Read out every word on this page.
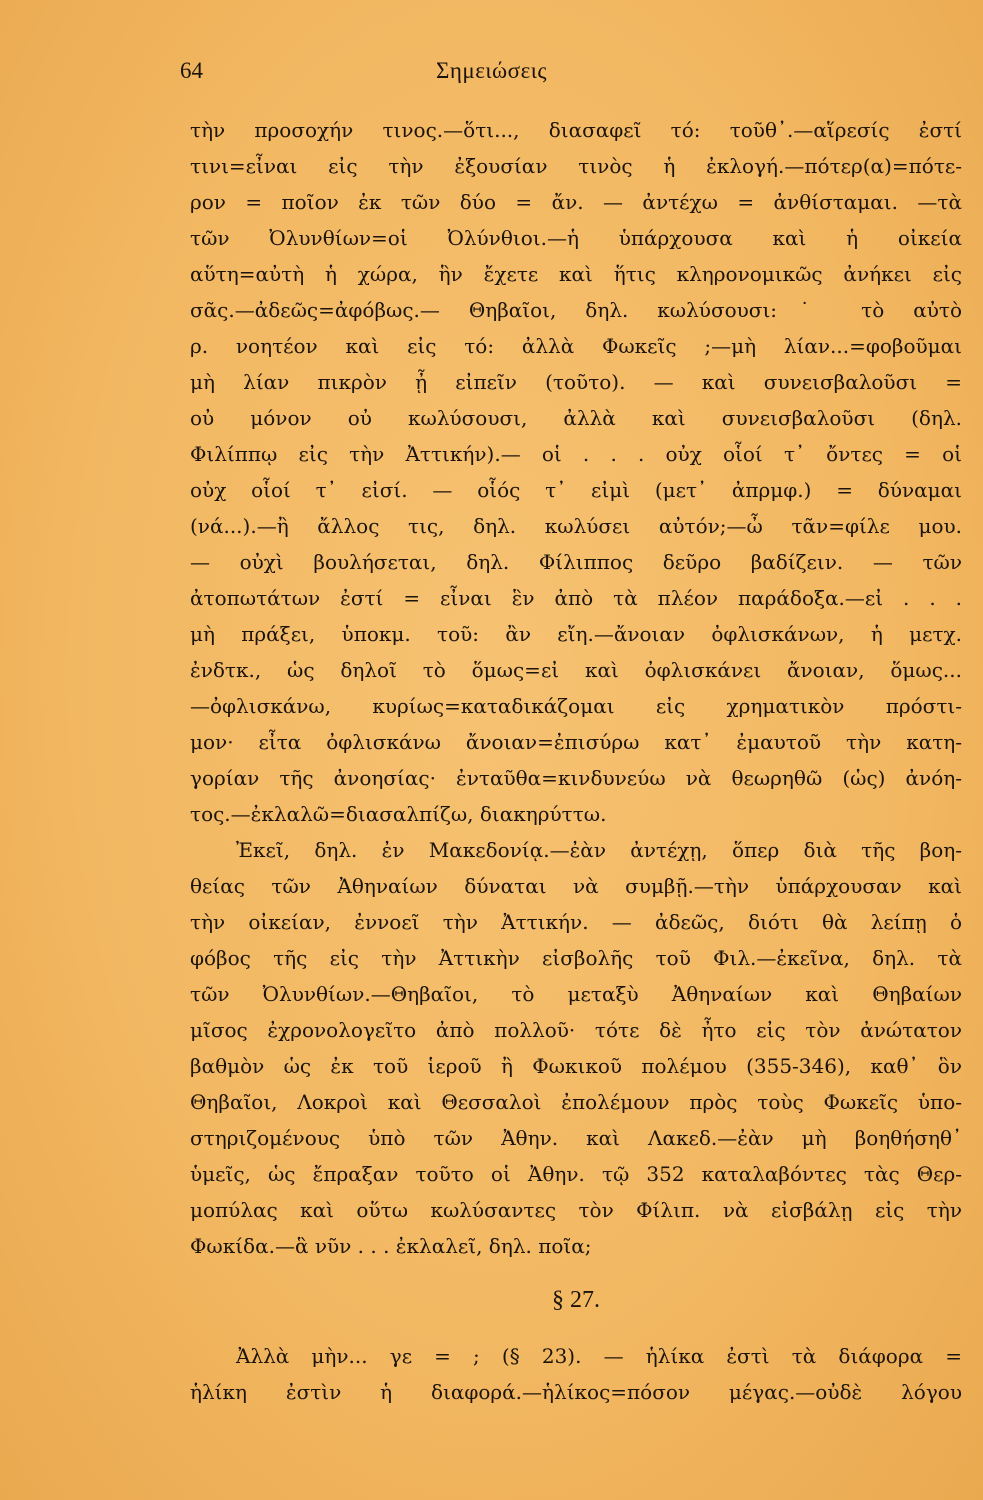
64	Σημειώσεις
τὴν προσοχήν τινος.—ὅτι..., διασαφεῖ τό: τοῦθ᾽.—αἵρεσίς ἐστί
τινι=εἶναι εἰς τὴν ἐξουσίαν τινὸς ἡ ἐκλογή.—πότερ(α)=πότε-
ρον = ποῖον ἐκ τῶν δύο = ἄν. — ἀντέχω = ἀνθίσταμαι. —τὰ
τῶν Ὀλυνθίων=οἱ Ὀλύνθιοι.—ἡ ὑπάρχουσα καὶ ἡ οἰκεία
αὕτη=αὐτὴ ἡ χώρα, ἣν ἔχετε καὶ ἥτις κληρονομικῶς ἀνήκει εἰς
σᾶς.—ἀδεῶς=ἀφόβως.— Θηβαῖοι, δηλ. κωλύσουσι:˙ τὸ αὐτὸ
ρ. νοητέον καὶ εἰς τό: ἀλλὰ Φωκεῖς ;—μὴ λίαν...=φοβοῦμαι
μὴ λίαν πικρὸν ᾖ εἰπεῖν (τοῦτο). — καὶ συνεισβαλοῦσι =
οὐ μόνον οὐ κωλύσουσι, ἀλλὰ καὶ συνεισβαλοῦσι (δηλ.
Φιλίππῳ εἰς τὴν Ἀττικήν).— οἱ . . . οὐχ οἷοί τ᾽ ὄντες = οἱ
οὐχ οἷοί τ᾽ εἰσί. — οἷός τ᾽ εἰμὶ (μετ᾽ ἀπρμφ.) = δύναμαι
(νά...).—ἢ ἄλλος τις, δηλ. κωλύσει αὐτόν;—ὦ τᾶν=φίλε μου.
— οὐχὶ βουλήσεται, δηλ. Φίλιππος δεῦρο βαδίζειν. — τῶν
ἀτοπωτάτων ἐστί = εἶναι ἓν ἀπὸ τὰ πλέον παράδοξα.—εἰ . . .
μὴ πράξει, ὑποκμ. τοῦ: ἂν εἴη.—ἄνοιαν ὀφλισκάνων, ἡ μετχ.
ἐνδτκ., ὡς δηλοῖ τὸ ὅμως=εἰ καὶ ὀφλισκάνει ἄνοιαν, ὅμως...
—ὀφλισκάνω, κυρίως=καταδικάζομαι εἰς χρηματικὸν πρόστι-
μον· εἶτα ὀφλισκάνω ἄνοιαν=ἐπισύρω κατ᾽ ἐμαυτοῦ τὴν κατη-
γορίαν τῆς ἀνοησίας· ἐνταῦθα=κινδυνεύω νὰ θεωρηθῶ (ὡς) ἀνόη-
τος.—ἐκλαλῶ=διασαλπίζω, διακηρύττω.
Ἐκεῖ, δηλ. ἐν Μακεδονίᾳ.—ἐὰν ἀντέχῃ, ὅπερ διὰ τῆς βοη-
θείας τῶν Ἀθηναίων δύναται νὰ συμβῇ.—τὴν ὑπάρχουσαν καὶ
τὴν οἰκείαν, ἐννοεῖ τὴν Ἀττικήν. — ἀδεῶς, διότι θὰ λείπῃ ὁ
φόβος τῆς εἰς τὴν Ἀττικὴν εἰσβολῆς τοῦ Φιλ.—ἐκεῖνα, δηλ. τὰ
τῶν Ὀλυνθίων.—Θηβαῖοι, τὸ μεταξὺ Ἀθηναίων καὶ Θηβαίων
μῖσος ἐχρονολογεῖτο ἀπὸ πολλοῦ· τότε δὲ ἦτο εἰς τὸν ἀνώτατον
βαθμὸν ὡς ἐκ τοῦ ἱεροῦ ἢ Φωκικοῦ πολέμου (355-346), καθ᾽ ὃν
Θηβαῖοι, Λοκροὶ καὶ Θεσσαλοὶ ἐπολέμουν πρὸς τοὺς Φωκεῖς ὑπο-
στηριζομένους ὑπὸ τῶν Ἀθην. καὶ Λακεδ.—ἐὰν μὴ βοηθήσηθ᾽
ὑμεῖς, ὡς ἔπραξαν τοῦτο οἱ Ἀθην. τῷ 352 καταλαβόντες τὰς Θερ-
μοπύλας καὶ οὕτω κωλύσαντες τὸν Φίλιπ. νὰ εἰσβάλῃ εἰς τὴν
Φωκίδα.—ἃ νῦν . . . ἐκλαλεῖ, δηλ. ποῖα;
§ 27.
Ἀλλὰ μὴν... γε = ; (§ 23). — ἡλίκα ἐστὶ τὰ διάφορα =
ἡλίκη ἐστὶν ἡ διαφορά.—ἡλίκος=πόσον μέγας.—οὐδὲ λόγου
